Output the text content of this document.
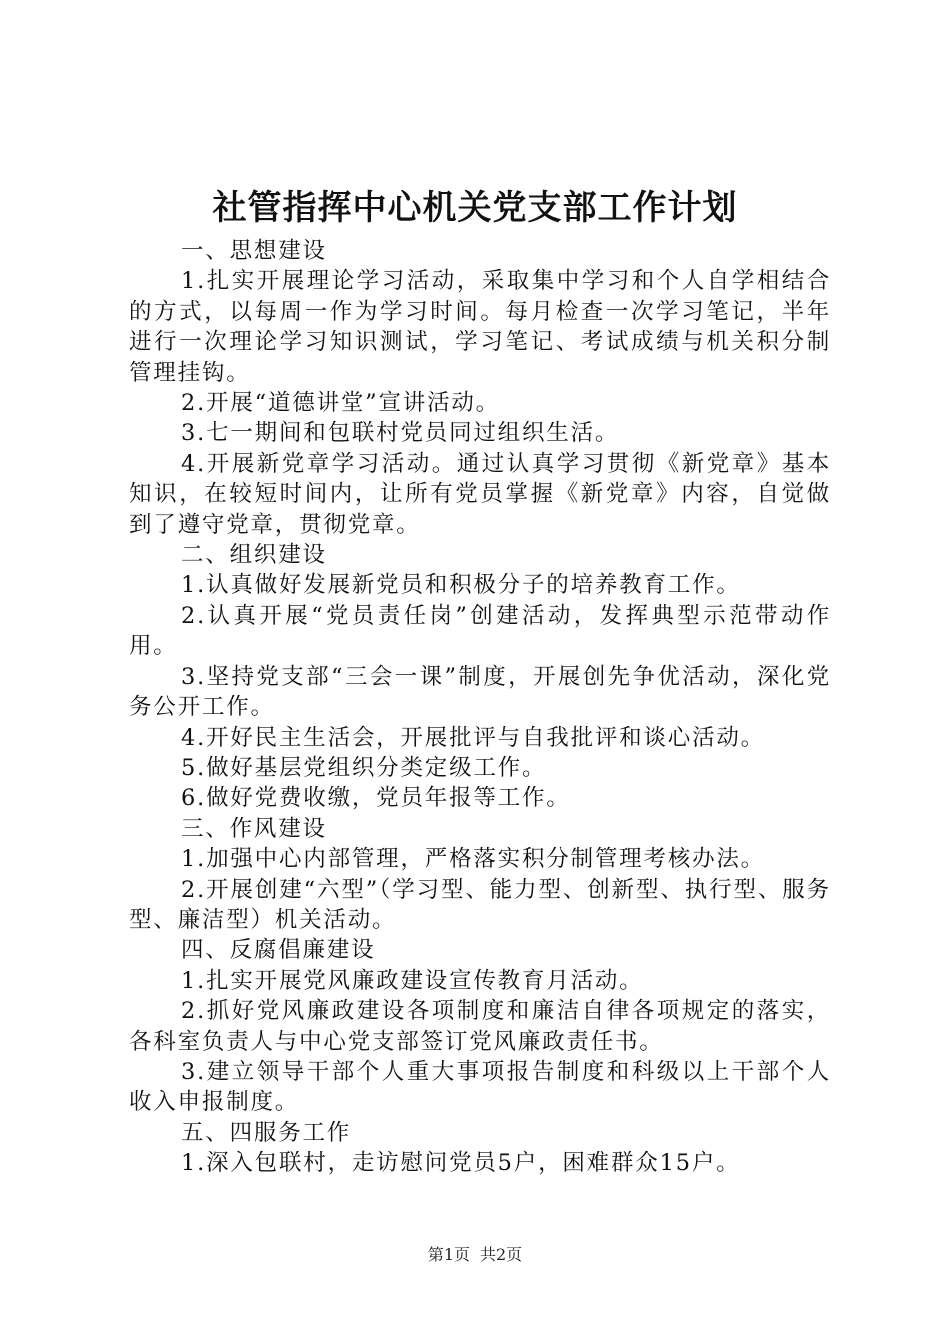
社管指挥中心机关党支部工作计划

一、思想建设

1.扎实开展理论学习活动，采取集中学习和个人自学相结合的方式，以每周一作为学习时间。每月检查一次学习笔记，半年进行一次理论学习知识测试，学习笔记、考试成绩与机关积分制管理挂钩。

2.开展“道德讲堂”宣讲活动。

3.七一期间和包联村党员同过组织生活。

4.开展新党章学习活动。通过认真学习贯彻《新党章》基本知识，在较短时间内，让所有党员掌握《新党章》内容，自觉做到了遵守党章，贯彻党章。

二、组织建设

1.认真做好发展新党员和积极分子的培养教育工作。

2.认真开展“党员责任岗”创建活动，发挥典型示范带动作用。

3.坚持党支部“三会一课”制度，开展创先争优活动，深化党务公开工作。

4.开好民主生活会，开展批评与自我批评和谈心活动。

5.做好基层党组织分类定级工作。

6.做好党费收缴，党员年报等工作。

三、作风建设

1.加强中心内部管理，严格落实积分制管理考核办法。

2.开展创建“六型”（学习型、能力型、创新型、执行型、服务型、廉洁型）机关活动。

四、反腐倡廉建设

1.扎实开展党风廉政建设宣传教育月活动。

2.抓好党风廉政建设各项制度和廉洁自律各项规定的落实，各科室负责人与中心党支部签订党风廉政责任书。

3.建立领导干部个人重大事项报告制度和科级以上干部个人收入申报制度。

五、四服务工作

1.深入包联村，走访慰问党员5户，困难群众15户。

第1页 共2页
